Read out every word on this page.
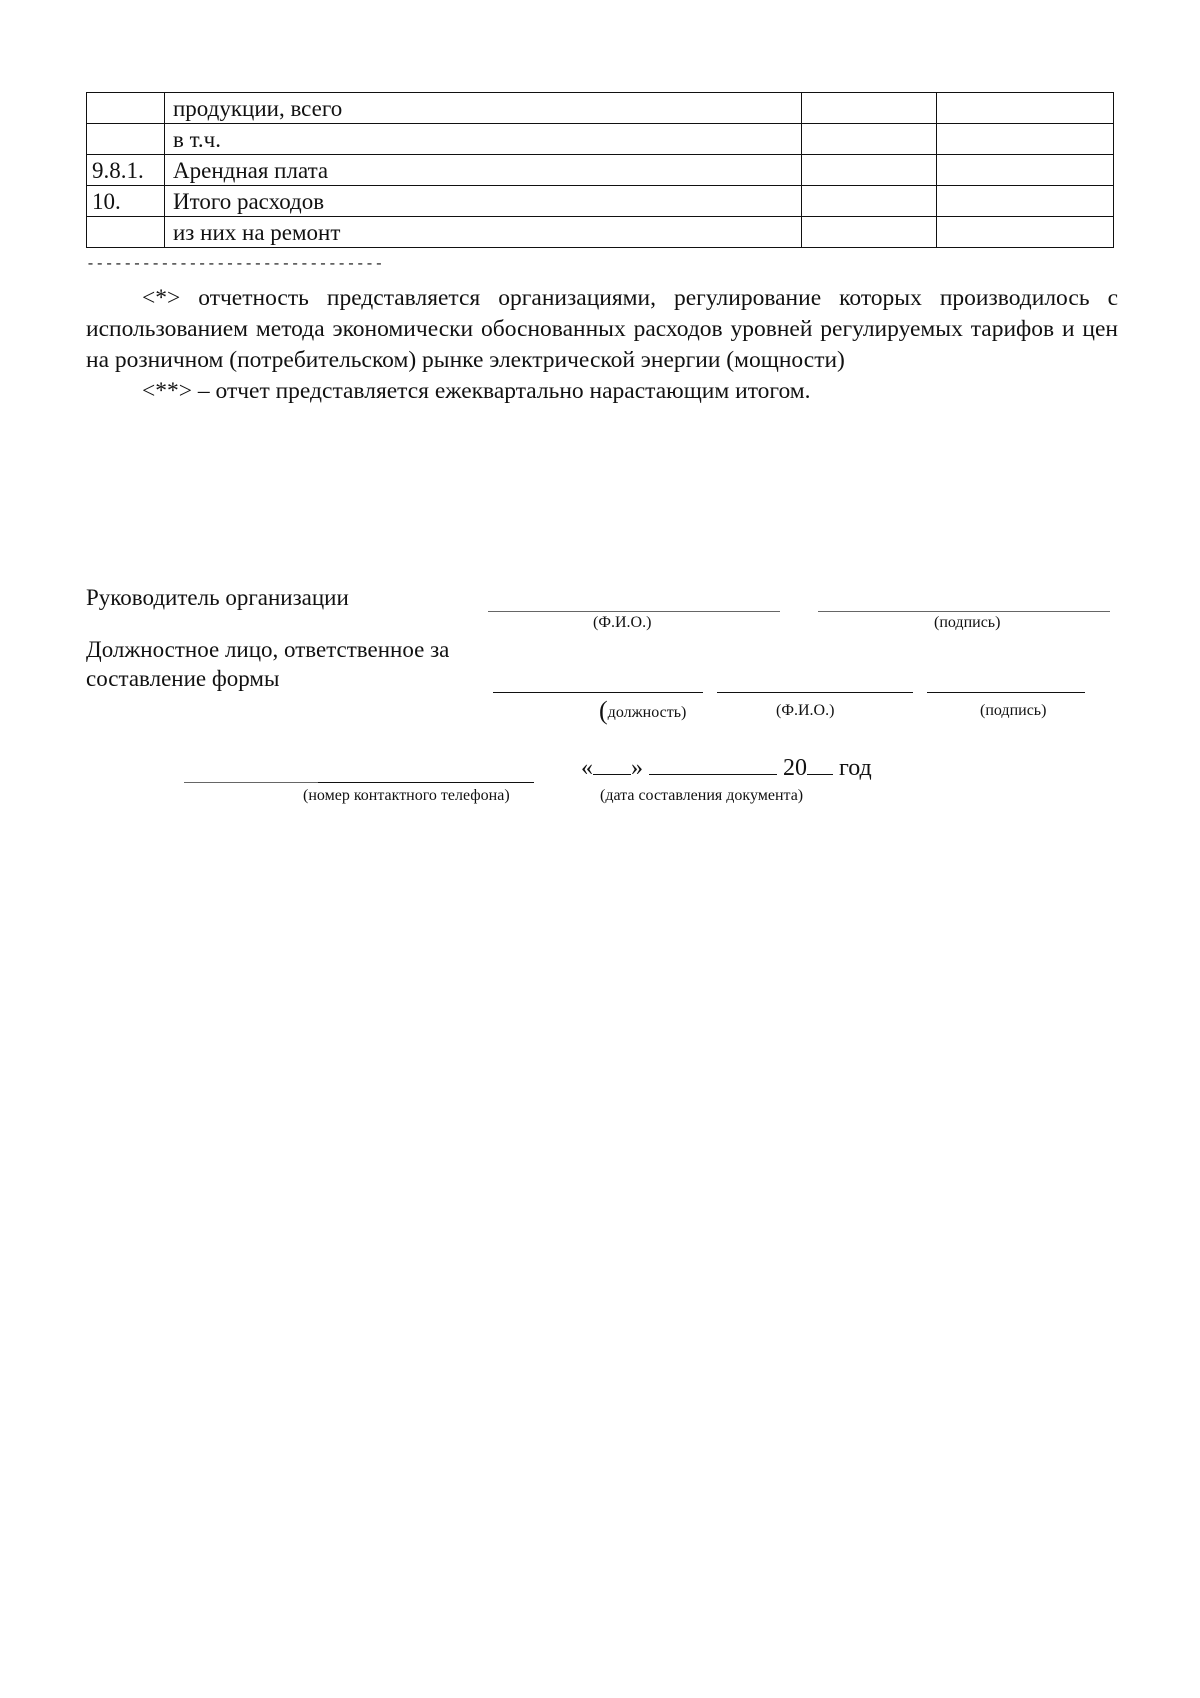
	продукции, всего		
	в т.ч.		
9.8.1.	Арендная плата		
10.	Итого расходов		
	из них на ремонт		
--------------------------------

<*> отчетность представляется организациями, регулирование которых производилось с использованием метода экономически обоснованных расходов уровней регулируемых тарифов и цен на розничном (потребительском) рынке электрической энергии (мощности)

<**> – отчет представляется ежеквартально нарастающим итогом.

Руководитель организации
(Ф.И.О.)	(подпись)
Должностное лицо, ответственное за
составление формы
(должность)	(Ф.И.О.)	(подпись)
(номер контактного телефона)
« »	20 год
(дата составления документа)
